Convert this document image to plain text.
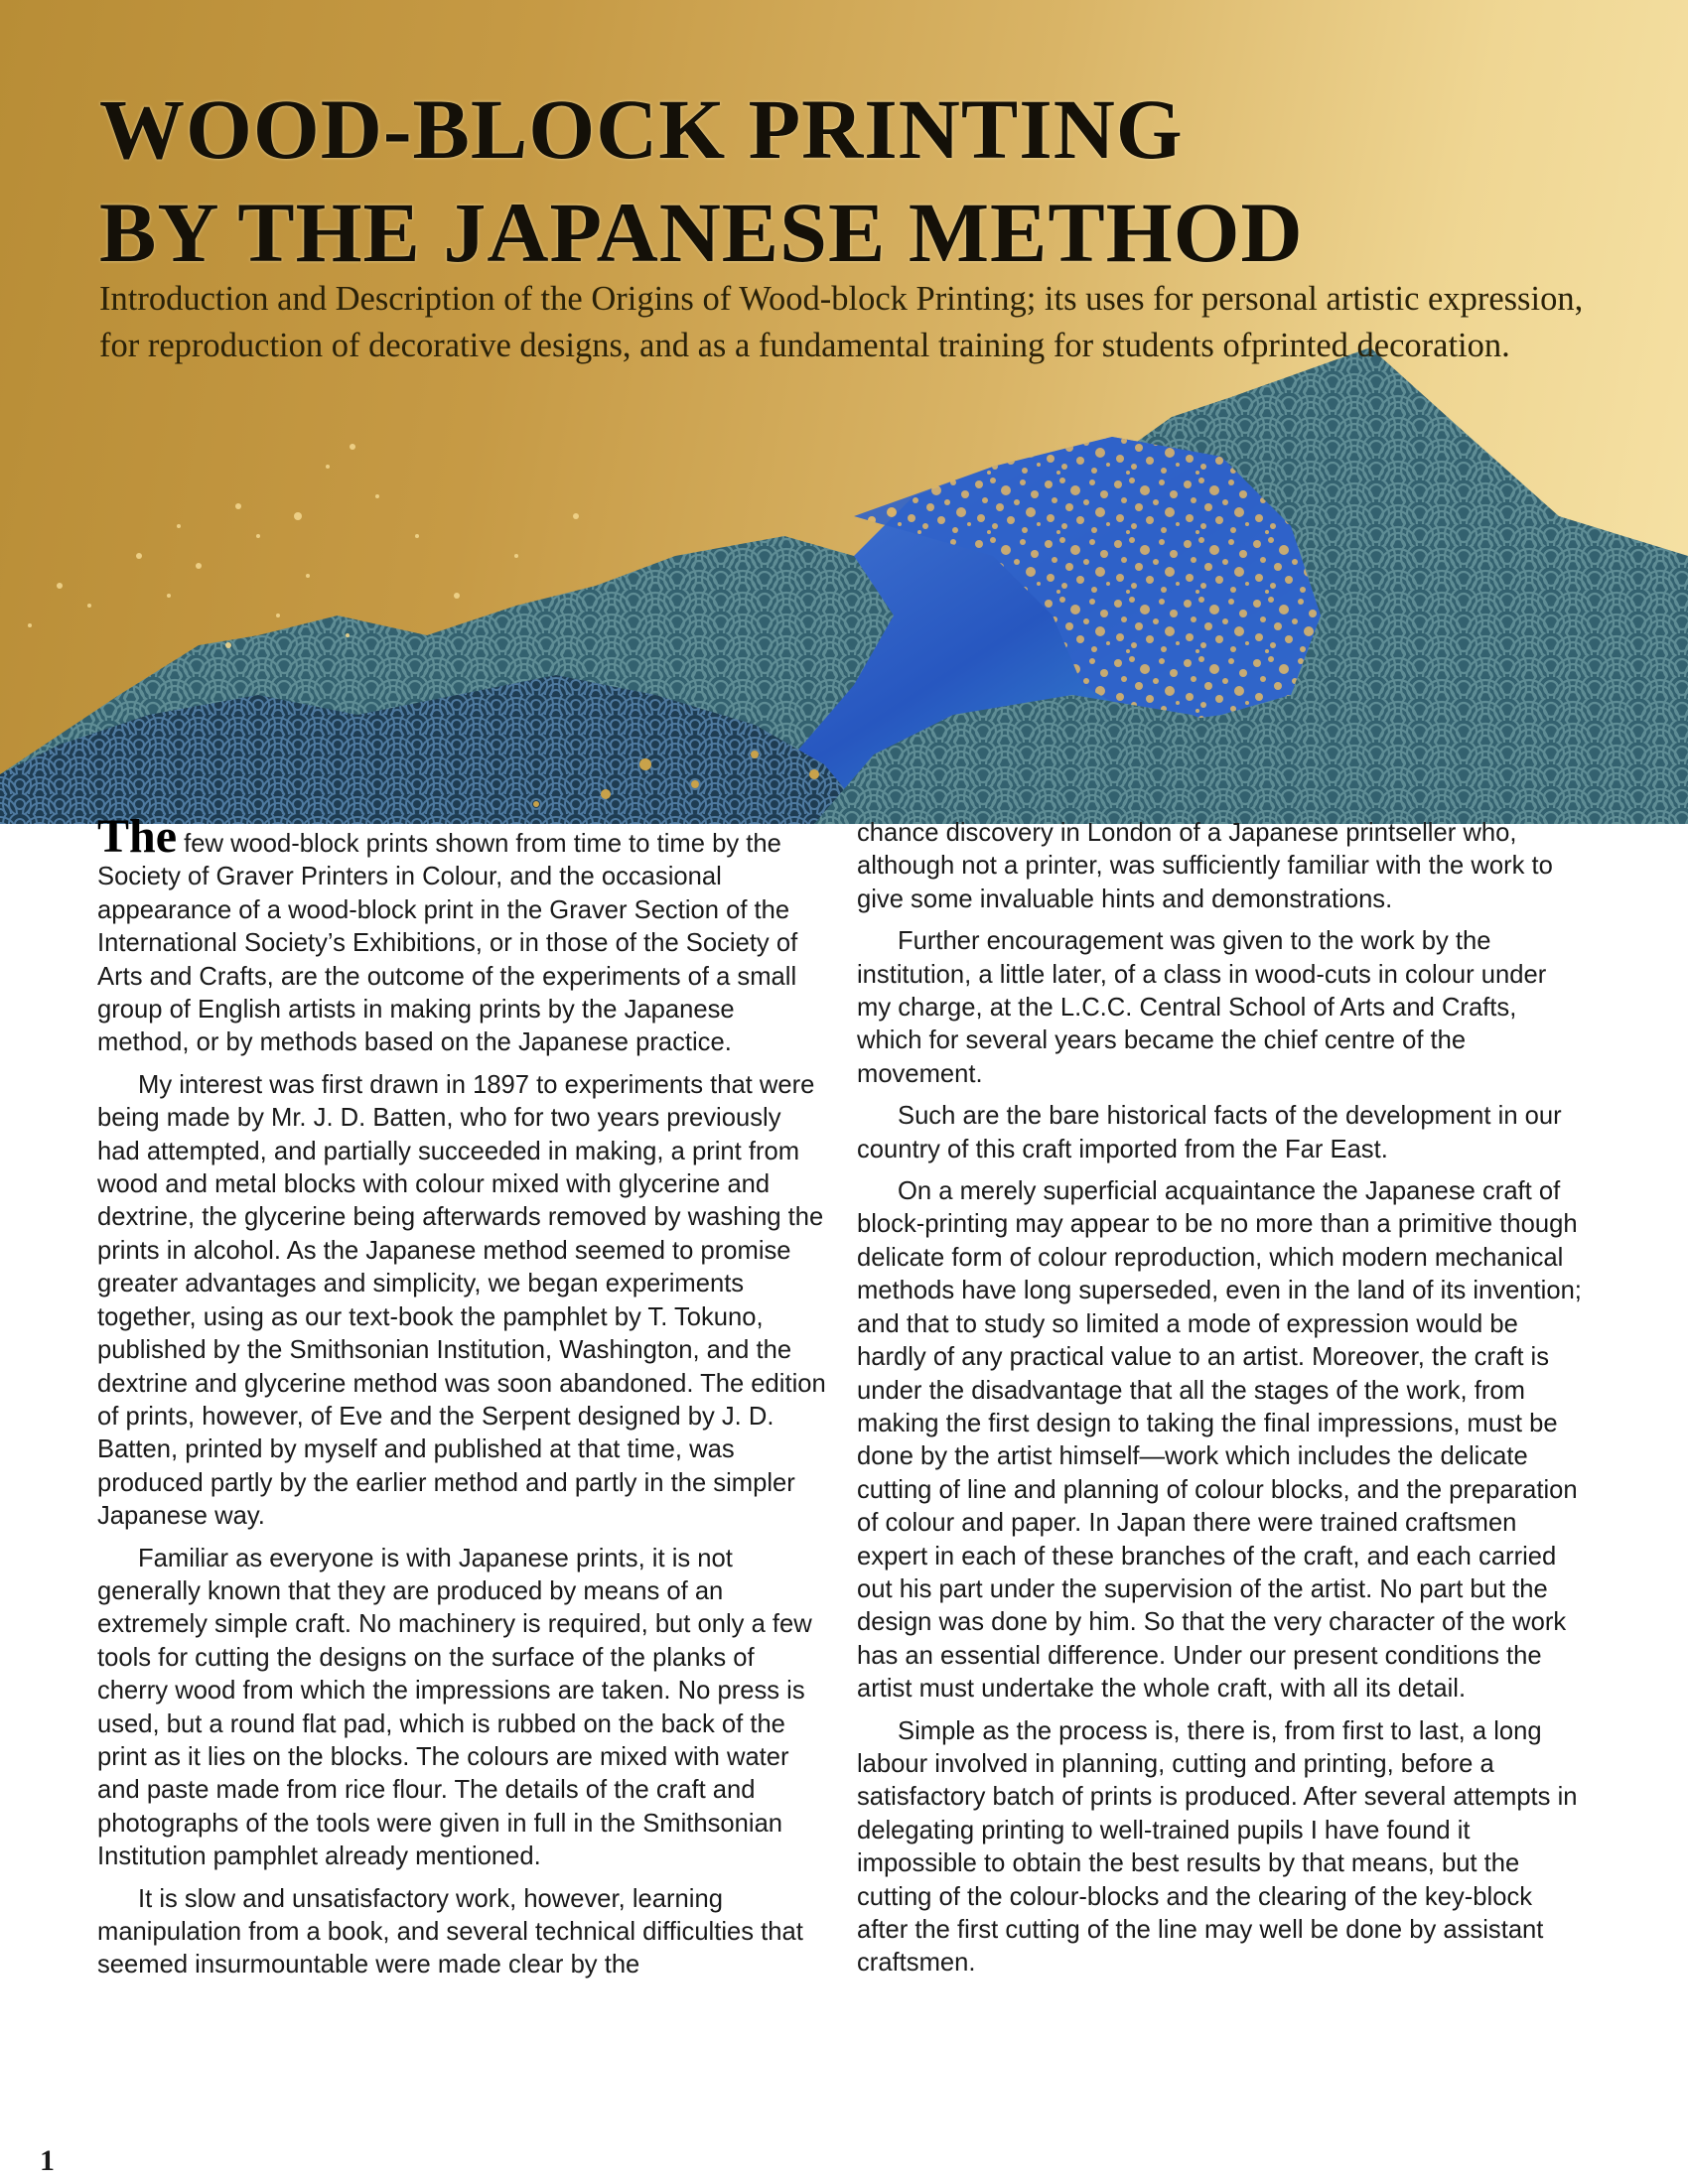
WOOD-BLOCK PRINTING
BY THE JAPANESE METHOD

Introduction and Description of the Origins of Wood-block Printing; its uses for personal artistic expression, for reproduction of decorative designs, and as a fundamental training for students ofprinted decoration.

The few wood-block prints shown from time to time by the Society of Graver Printers in Colour, and the occasional appearance of a wood-block print in the Graver Section of the International Society’s Exhibitions, or in those of the Society of Arts and Crafts, are the outcome of the experiments of a small group of English artists in making prints by the Japanese method, or by methods based on the Japanese practice.

My interest was first drawn in 1897 to experiments that were being made by Mr. J. D. Batten, who for two years previously had attempted, and partially succeeded in making, a print from wood and metal blocks with colour mixed with glycerine and dextrine, the glycerine being afterwards removed by washing the prints in alcohol. As the Japanese method seemed to promise greater advantages and simplicity, we began experiments together, using as our text-book the pamphlet by T. Tokuno, published by the Smithsonian Institution, Washington, and the dextrine and glycerine method was soon abandoned. The edition of prints, however, of Eve and the Serpent designed by J. D. Batten, printed by myself and published at that time, was produced partly by the earlier method and partly in the simpler Japanese way.

Familiar as everyone is with Japanese prints, it is not generally known that they are produced by means of an extremely simple craft. No machinery is required, but only a few tools for cutting the designs on the surface of the planks of cherry wood from which the impressions are taken. No press is used, but a round flat pad, which is rubbed on the back of the print as it lies on the blocks. The colours are mixed with water and paste made from rice flour. The details of the craft and photographs of the tools were given in full in the Smithsonian Institution pamphlet already mentioned.

It is slow and unsatisfactory work, however, learning manipulation from a book, and several technical difficulties that seemed insurmountable were made clear by the

chance discovery in London of a Japanese printseller who, although not a printer, was sufficiently familiar with the work to give some invaluable hints and demonstrations.

Further encouragement was given to the work by the institution, a little later, of a class in wood-cuts in colour under my charge, at the L.C.C. Central School of Arts and Crafts, which for several years became the chief centre of the movement.

Such are the bare historical facts of the development in our country of this craft imported from the Far East.

On a merely superficial acquaintance the Japanese craft of block-printing may appear to be no more than a primitive though delicate form of colour reproduction, which modern mechanical methods have long superseded, even in the land of its invention; and that to study so limited a mode of expression would be hardly of any practical value to an artist. Moreover, the craft is under the disadvantage that all the stages of the work, from making the first design to taking the final impressions, must be done by the artist himself—work which includes the delicate cutting of line and planning of colour blocks, and the preparation of colour and paper. In Japan there were trained craftsmen expert in each of these branches of the craft, and each carried out his part under the supervision of the artist. No part but the design was done by him. So that the very character of the work has an essential difference. Under our present conditions the artist must undertake the whole craft, with all its detail.

Simple as the process is, there is, from first to last, a long labour involved in planning, cutting and printing, before a satisfactory batch of prints is produced. After several attempts in delegating printing to well-trained pupils I have found it impossible to obtain the best results by that means, but the cutting of the colour-blocks and the clearing of the key-block after the first cutting of the line may well be done by assistant craftsmen.

1
